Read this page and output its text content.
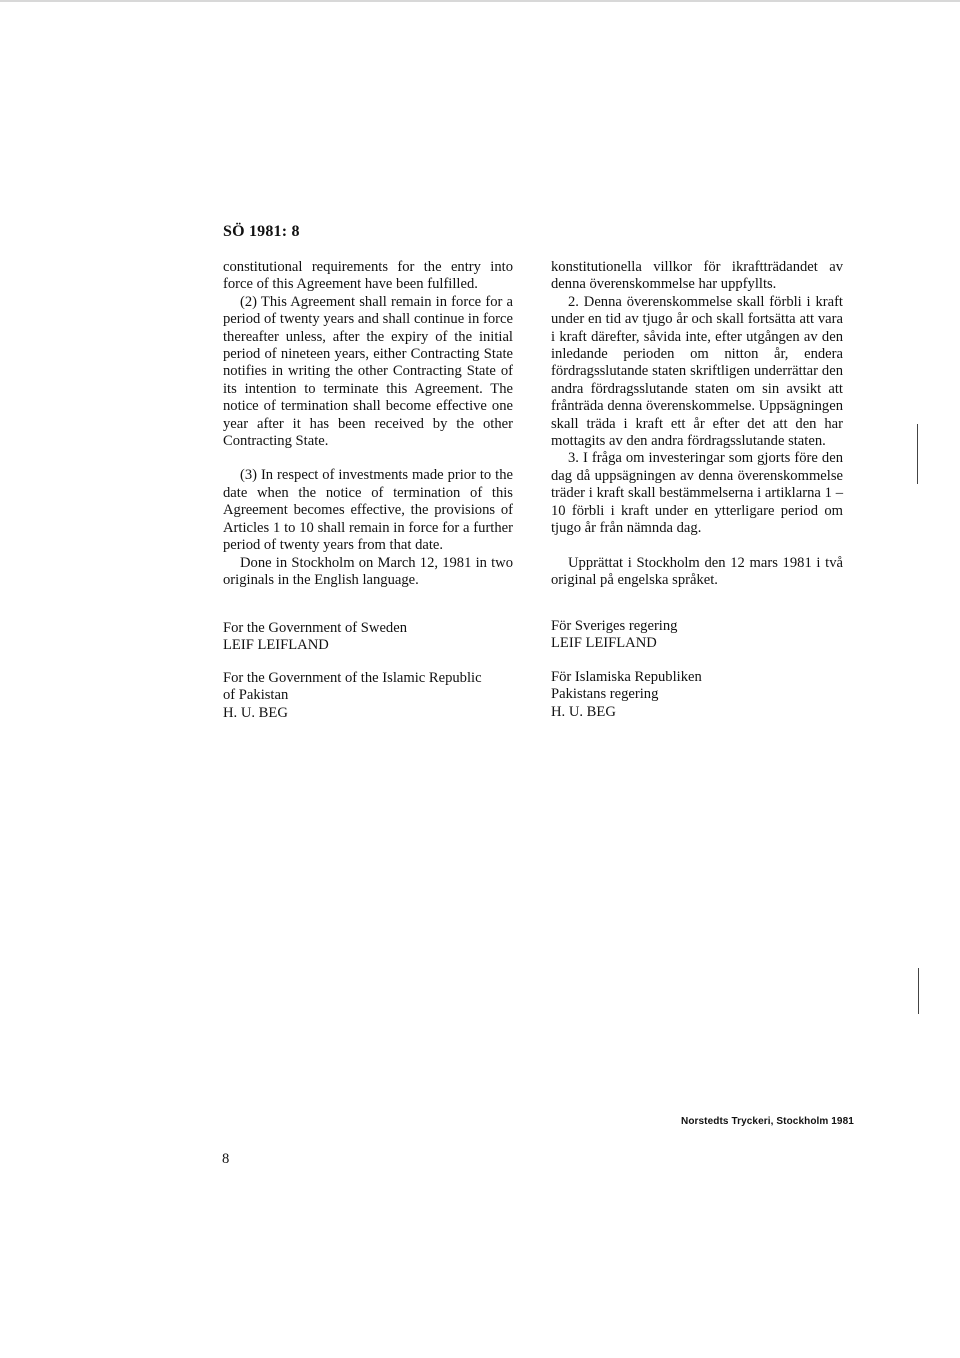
SÖ 1981: 8

constitutional requirements for the entry into force of this Agreement have been fulfilled.

(2) This Agreement shall remain in force for a period of twenty years and shall continue in force thereafter unless, after the expiry of the initial period of nineteen years, either Contracting State notifies in writing the other Contracting State of its intention to terminate this Agreement. The notice of termination shall become effective one year after it has been received by the other Contracting State.

(3) In respect of investments made prior to the date when the notice of termination of this Agreement becomes effective, the provisions of Articles 1 to 10 shall remain in force for a further period of twenty years from that date.

Done in Stockholm on March 12, 1981 in two originals in the English language.

konstitutionella villkor för ikraftträdandet av denna överenskommelse har uppfyllts.

2. Denna överenskommelse skall förbli i kraft under en tid av tjugo år och skall fortsätta att vara i kraft därefter, såvida inte, efter utgången av den inledande perioden om nitton år, endera fördragsslutande staten skriftligen underrättar den andra fördragsslutande staten om sin avsikt att frånträda denna överenskommelse. Uppsägningen skall träda i kraft ett år efter det att den har mottagits av den andra fördragsslutande staten.

3. I fråga om investeringar som gjorts före den dag då uppsägningen av denna överenskommelse träder i kraft skall bestämmelserna i artiklarna 1 – 10 förbli i kraft under en ytterligare period om tjugo år från nämnda dag.

Upprättat i Stockholm den 12 mars 1981 i två original på engelska språket.

For the Government of Sweden
LEIF LEIFLAND
For the Government of the Islamic Republic
of Pakistan
H. U. BEG
För Sveriges regering
LEIF LEIFLAND
För Islamiska Republiken
Pakistans regering
H. U. BEG
Norstedts Tryckeri, Stockholm 1981
8
